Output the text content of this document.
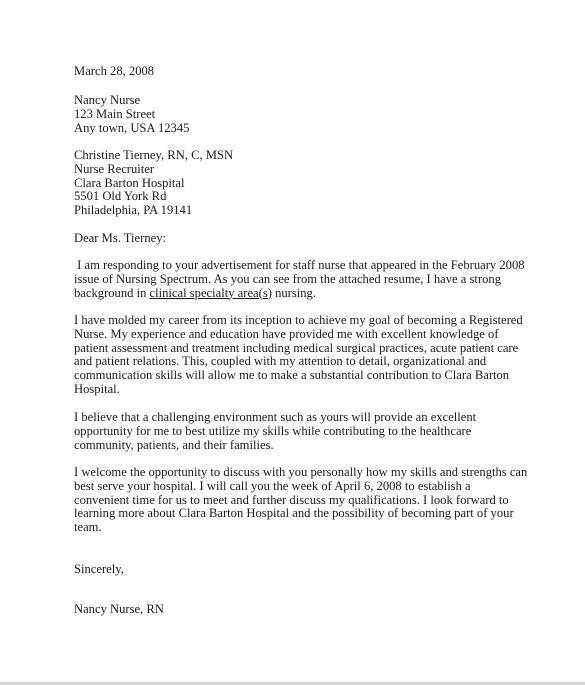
March 28, 2008
Nancy Nurse
123 Main Street
Any town, USA 12345
Christine Tierney, RN, C, MSN
Nurse Recruiter
Clara Barton Hospital
5501 Old York Rd
Philadelphia, PA 19141
Dear Ms. Tierney:
I am responding to your advertisement for staff nurse that appeared in the February 2008
issue of Nursing Spectrum. As you can see from the attached resume, I have a strong
background in clinical specialty area(s) nursing.
I have molded my career from its inception to achieve my goal of becoming a Registered
Nurse. My experience and education have provided me with excellent knowledge of
patient assessment and treatment including medical surgical practices, acute patient care
and patient relations. This, coupled with my attention to detail, organizational and
communication skills will allow me to make a substantial contribution to Clara Barton
Hospital.
I believe that a challenging environment such as yours will provide an excellent
opportunity for me to best utilize my skills while contributing to the healthcare
community, patients, and their families.
I welcome the opportunity to discuss with you personally how my skills and strengths can
best serve your hospital. I will call you the week of April 6, 2008 to establish a
convenient time for us to meet and further discuss my qualifications. I look forward to
learning more about Clara Barton Hospital and the possibility of becoming part of your
team.
Sincerely,
Nancy Nurse, RN
